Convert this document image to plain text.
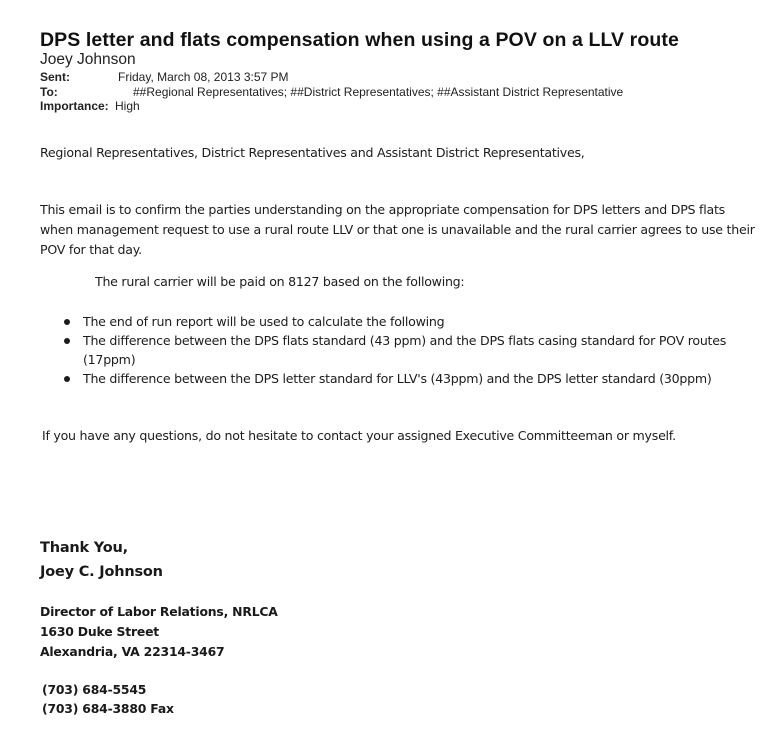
DPS letter and flats compensation when using a POV on a LLV route
Joey Johnson
Sent:	Friday, March 08, 2013 3:57 PM
To:	##Regional Representatives; ##District Representatives; ##Assistant District Representative
Importance: High
Regional Representatives, District Representatives and Assistant District Representatives,
This email is to confirm the parties understanding on the appropriate compensation for DPS letters and DPS flats
when management request to use a rural route LLV or that one is unavailable and the rural carrier agrees to use their
POV for that day.
The rural carrier will be paid on 8127 based on the following:
The end of run report will be used to calculate the following
The difference between the DPS flats standard (43 ppm) and the DPS flats casing standard for POV routes (17ppm)
The difference between the DPS letter standard for LLV's (43ppm) and the DPS letter standard (30ppm)
If you have any questions, do not hesitate to contact your assigned Executive Committeeman or myself.
Thank You,
Joey C. Johnson
Director of Labor Relations, NRLCA
1630 Duke Street
Alexandria, VA 22314-3467
(703) 684-5545
(703) 684-3880 Fax
